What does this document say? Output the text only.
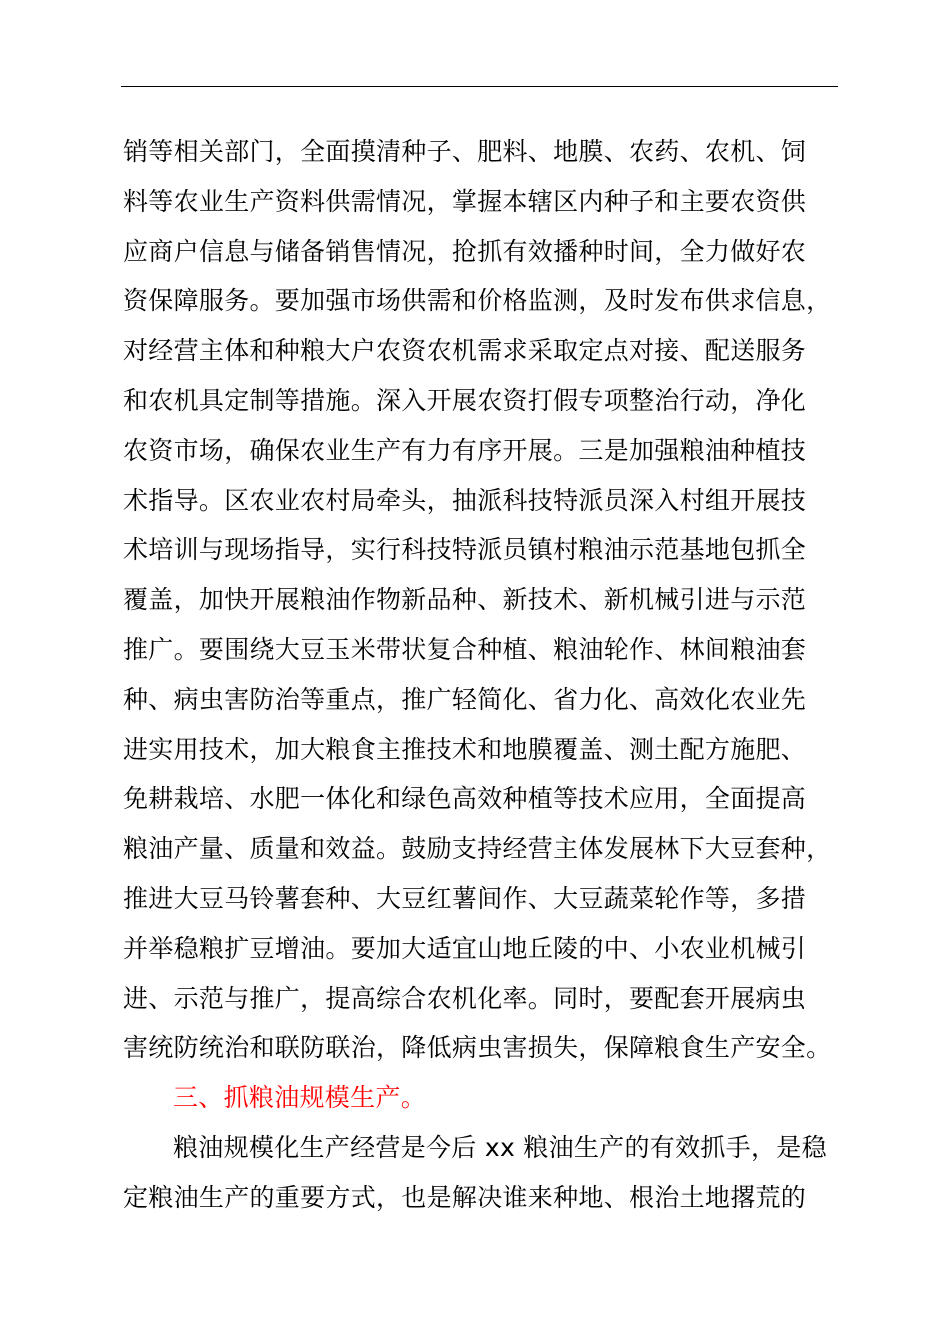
销等相关部门，全面摸清种子、肥料、地膜、农药、农机、饲
料等农业生产资料供需情况，掌握本辖区内种子和主要农资供
应商户信息与储备销售情况，抢抓有效播种时间，全力做好农
资保障服务。要加强市场供需和价格监测，及时发布供求信息，
对经营主体和种粮大户农资农机需求采取定点对接、配送服务
和农机具定制等措施。深入开展农资打假专项整治行动，净化
农资市场，确保农业生产有力有序开展。三是加强粮油种植技
术指导。区农业农村局牵头，抽派科技特派员深入村组开展技
术培训与现场指导，实行科技特派员镇村粮油示范基地包抓全
覆盖，加快开展粮油作物新品种、新技术、新机械引进与示范
推广。要围绕大豆玉米带状复合种植、粮油轮作、林间粮油套
种、病虫害防治等重点，推广轻简化、省力化、高效化农业先
进实用技术，加大粮食主推技术和地膜覆盖、测土配方施肥、
免耕栽培、水肥一体化和绿色高效种植等技术应用，全面提高
粮油产量、质量和效益。鼓励支持经营主体发展林下大豆套种，
推进大豆马铃薯套种、大豆红薯间作、大豆蔬菜轮作等，多措
并举稳粮扩豆增油。要加大适宜山地丘陵的中、小农业机械引
进、示范与推广，提高综合农机化率。同时，要配套开展病虫
害统防统治和联防联治，降低病虫害损失，保障粮食生产安全。
三、抓粮油规模生产。
粮油规模化生产经营是今后 xx 粮油生产的有效抓手，是稳
定粮油生产的重要方式，也是解决谁来种地、根治土地撂荒的
